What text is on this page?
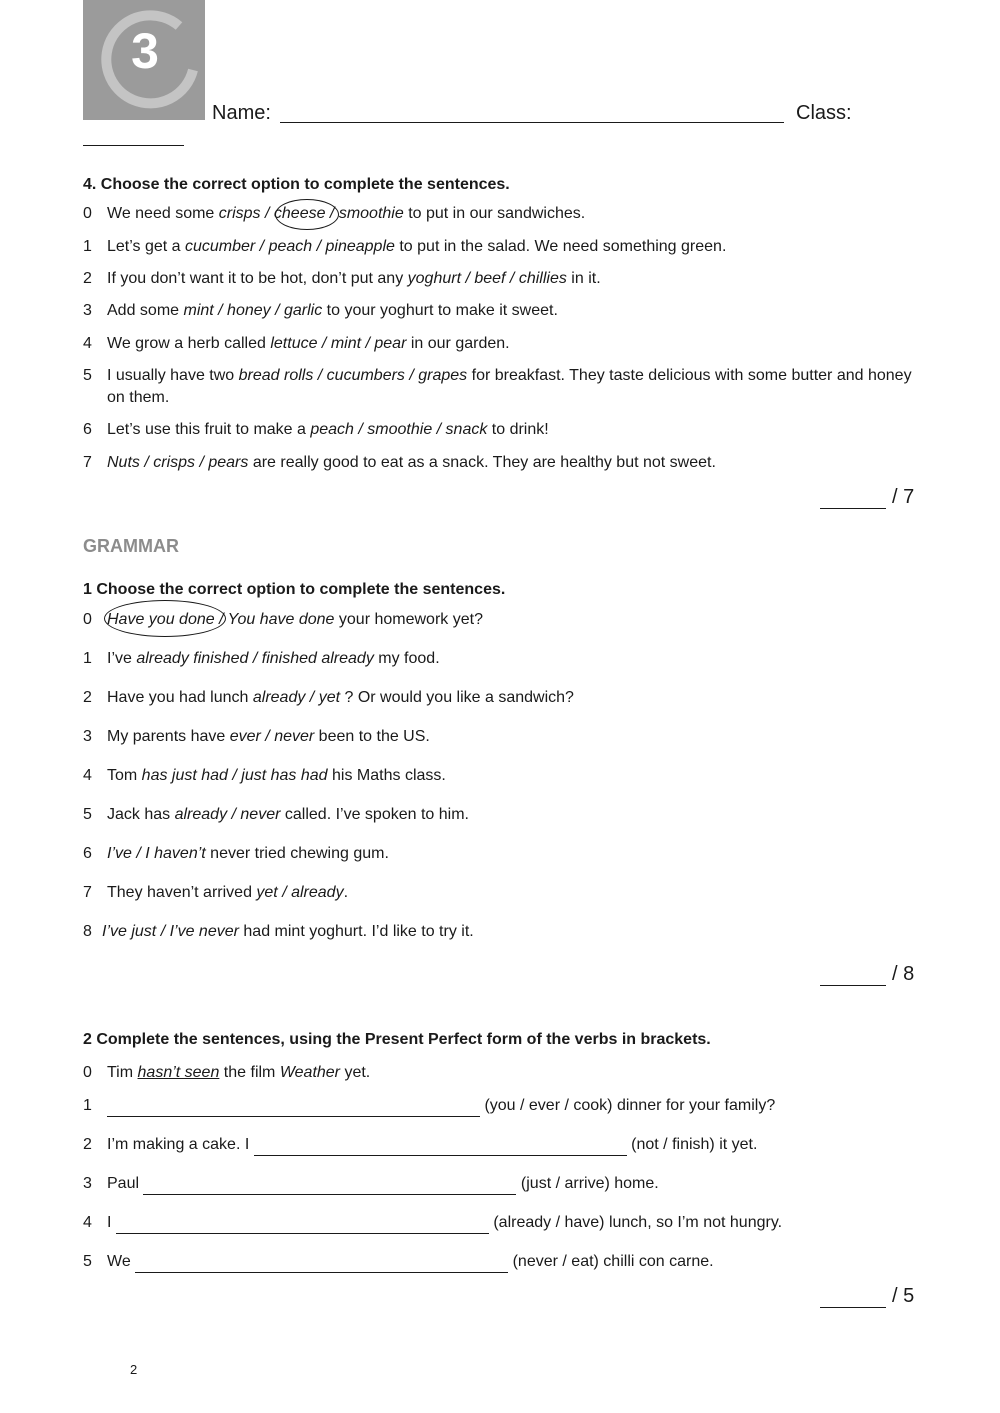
3
Name:	Class:
4. Choose the correct option to complete the sentences.
0 We need some crisps / cheese / smoothie to put in our sandwiches.
1 Let’s get a cucumber / peach / pineapple to put in the salad. We need something green.
2 If you don’t want it to be hot, don’t put any yoghurt / beef / chillies in it.
3 Add some mint / honey / garlic to your yoghurt to make it sweet.
4 We grow a herb called lettuce / mint / pear in our garden.
5 I usually have two bread rolls / cucumbers / grapes for breakfast. They taste delicious with some butter and honey on them.
6 Let’s use this fruit to make a peach / smoothie / snack to drink!
7 Nuts / crisps / pears are really good to eat as a snack. They are healthy but not sweet.
/ 7
GRAMMAR
1 Choose the correct option to complete the sentences.
0 Have you done / You have done your homework yet?
1 I’ve already finished / finished already my food.
2 Have you had lunch already / yet ? Or would you like a sandwich?
3 My parents have ever / never been to the US.
4 Tom has just had / just has had his Maths class.
5 Jack has already / never called. I’ve spoken to him.
6 I’ve / I haven’t never tried chewing gum.
7 They haven’t arrived yet / already.
8 I’ve just / I’ve never had mint yoghurt. I’d like to try it.
/ 8
2 Complete the sentences, using the Present Perfect form of the verbs in brackets.
0 Tim hasn’t seen the film Weather yet.
1	(you / ever / cook) dinner for your family?
2 I’m making a cake. I	(not / finish) it yet.
3 Paul	(just / arrive) home.
4 I	(already / have) lunch, so I’m not hungry.
5 We	(never / eat) chilli con carne.
/ 5
2
